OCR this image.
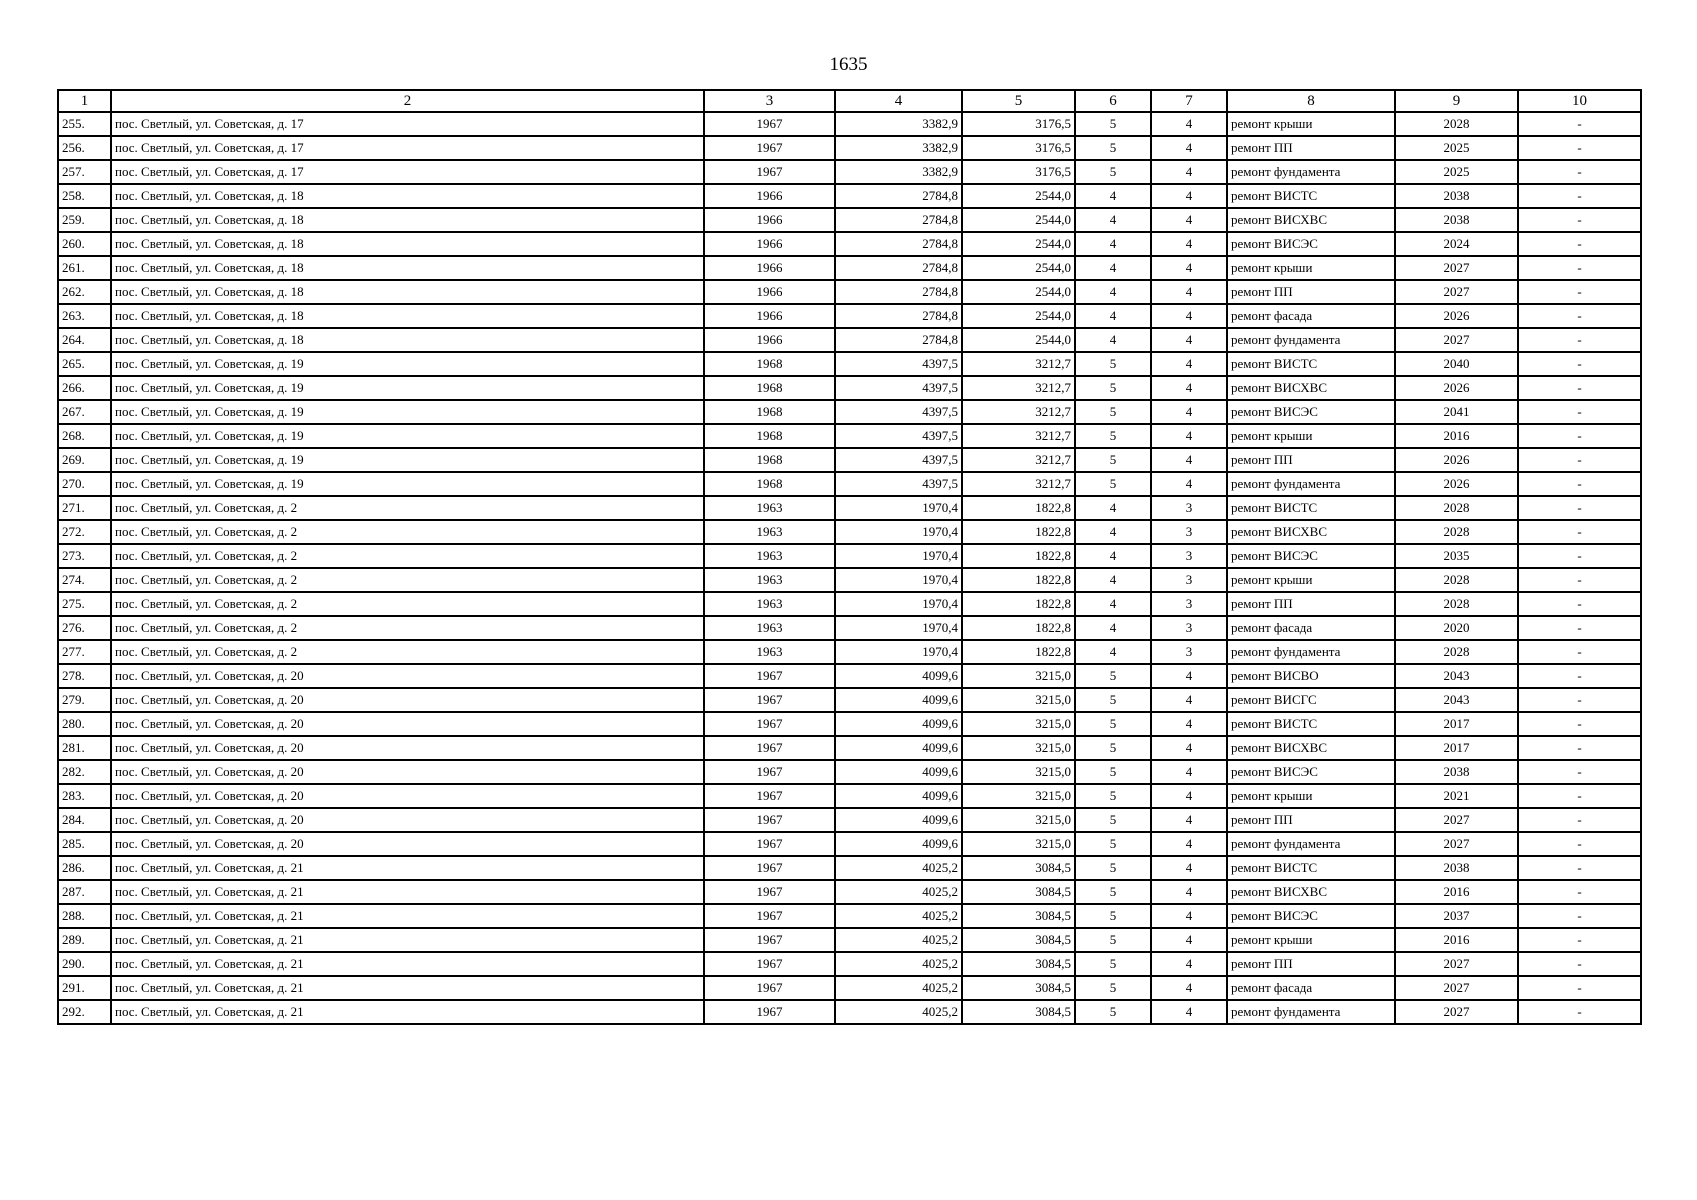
1635
1	2	3	4	5	6	7	8	9	10
255.	пос. Светлый, ул. Советская, д. 17	1967	3382,9	3176,5	5	4	ремонт крыши	2028	-
256.	пос. Светлый, ул. Советская, д. 17	1967	3382,9	3176,5	5	4	ремонт ПП	2025	-
257.	пос. Светлый, ул. Советская, д. 17	1967	3382,9	3176,5	5	4	ремонт фундамента	2025	-
258.	пос. Светлый, ул. Советская, д. 18	1966	2784,8	2544,0	4	4	ремонт ВИСТС	2038	-
259.	пос. Светлый, ул. Советская, д. 18	1966	2784,8	2544,0	4	4	ремонт ВИСХВС	2038	-
260.	пос. Светлый, ул. Советская, д. 18	1966	2784,8	2544,0	4	4	ремонт ВИСЭС	2024	-
261.	пос. Светлый, ул. Советская, д. 18	1966	2784,8	2544,0	4	4	ремонт крыши	2027	-
262.	пос. Светлый, ул. Советская, д. 18	1966	2784,8	2544,0	4	4	ремонт ПП	2027	-
263.	пос. Светлый, ул. Советская, д. 18	1966	2784,8	2544,0	4	4	ремонт фасада	2026	-
264.	пос. Светлый, ул. Советская, д. 18	1966	2784,8	2544,0	4	4	ремонт фундамента	2027	-
265.	пос. Светлый, ул. Советская, д. 19	1968	4397,5	3212,7	5	4	ремонт ВИСТС	2040	-
266.	пос. Светлый, ул. Советская, д. 19	1968	4397,5	3212,7	5	4	ремонт ВИСХВС	2026	-
267.	пос. Светлый, ул. Советская, д. 19	1968	4397,5	3212,7	5	4	ремонт ВИСЭС	2041	-
268.	пос. Светлый, ул. Советская, д. 19	1968	4397,5	3212,7	5	4	ремонт крыши	2016	-
269.	пос. Светлый, ул. Советская, д. 19	1968	4397,5	3212,7	5	4	ремонт ПП	2026	-
270.	пос. Светлый, ул. Советская, д. 19	1968	4397,5	3212,7	5	4	ремонт фундамента	2026	-
271.	пос. Светлый, ул. Советская, д. 2	1963	1970,4	1822,8	4	3	ремонт ВИСТС	2028	-
272.	пос. Светлый, ул. Советская, д. 2	1963	1970,4	1822,8	4	3	ремонт ВИСХВС	2028	-
273.	пос. Светлый, ул. Советская, д. 2	1963	1970,4	1822,8	4	3	ремонт ВИСЭС	2035	-
274.	пос. Светлый, ул. Советская, д. 2	1963	1970,4	1822,8	4	3	ремонт крыши	2028	-
275.	пос. Светлый, ул. Советская, д. 2	1963	1970,4	1822,8	4	3	ремонт ПП	2028	-
276.	пос. Светлый, ул. Советская, д. 2	1963	1970,4	1822,8	4	3	ремонт фасада	2020	-
277.	пос. Светлый, ул. Советская, д. 2	1963	1970,4	1822,8	4	3	ремонт фундамента	2028	-
278.	пос. Светлый, ул. Советская, д. 20	1967	4099,6	3215,0	5	4	ремонт ВИСВО	2043	-
279.	пос. Светлый, ул. Советская, д. 20	1967	4099,6	3215,0	5	4	ремонт ВИСГС	2043	-
280.	пос. Светлый, ул. Советская, д. 20	1967	4099,6	3215,0	5	4	ремонт ВИСТС	2017	-
281.	пос. Светлый, ул. Советская, д. 20	1967	4099,6	3215,0	5	4	ремонт ВИСХВС	2017	-
282.	пос. Светлый, ул. Советская, д. 20	1967	4099,6	3215,0	5	4	ремонт ВИСЭС	2038	-
283.	пос. Светлый, ул. Советская, д. 20	1967	4099,6	3215,0	5	4	ремонт крыши	2021	-
284.	пос. Светлый, ул. Советская, д. 20	1967	4099,6	3215,0	5	4	ремонт ПП	2027	-
285.	пос. Светлый, ул. Советская, д. 20	1967	4099,6	3215,0	5	4	ремонт фундамента	2027	-
286.	пос. Светлый, ул. Советская, д. 21	1967	4025,2	3084,5	5	4	ремонт ВИСТС	2038	-
287.	пос. Светлый, ул. Советская, д. 21	1967	4025,2	3084,5	5	4	ремонт ВИСХВС	2016	-
288.	пос. Светлый, ул. Советская, д. 21	1967	4025,2	3084,5	5	4	ремонт ВИСЭС	2037	-
289.	пос. Светлый, ул. Советская, д. 21	1967	4025,2	3084,5	5	4	ремонт крыши	2016	-
290.	пос. Светлый, ул. Советская, д. 21	1967	4025,2	3084,5	5	4	ремонт ПП	2027	-
291.	пос. Светлый, ул. Советская, д. 21	1967	4025,2	3084,5	5	4	ремонт фасада	2027	-
292.	пос. Светлый, ул. Советская, д. 21	1967	4025,2	3084,5	5	4	ремонт фундамента	2027	-
